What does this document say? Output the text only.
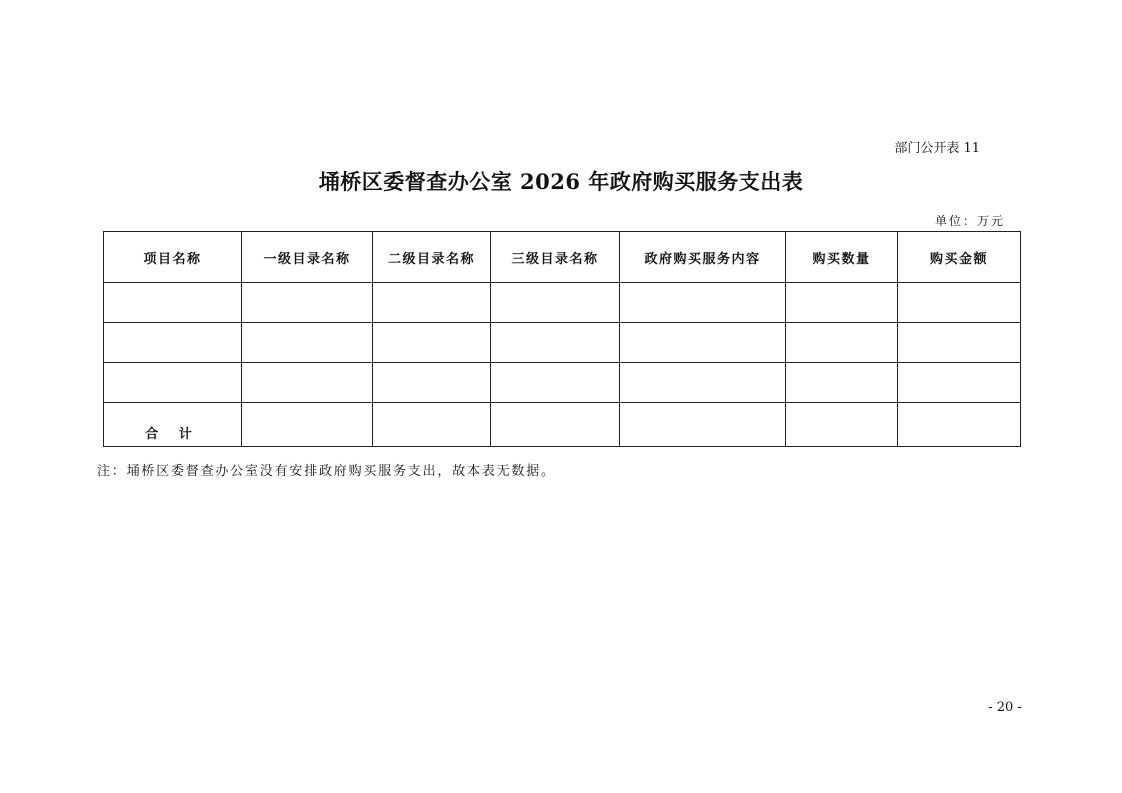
部门公开表 11
埇桥区委督查办公室 2026 年政府购买服务支出表
单位：万元
项目名称	一级目录名称	二级目录名称	三级目录名称	政府购买服务内容	购买数量	购买金额

合 计						
注：埇桥区委督查办公室没有安排政府购买服务支出，故本表无数据。
- 20 -
